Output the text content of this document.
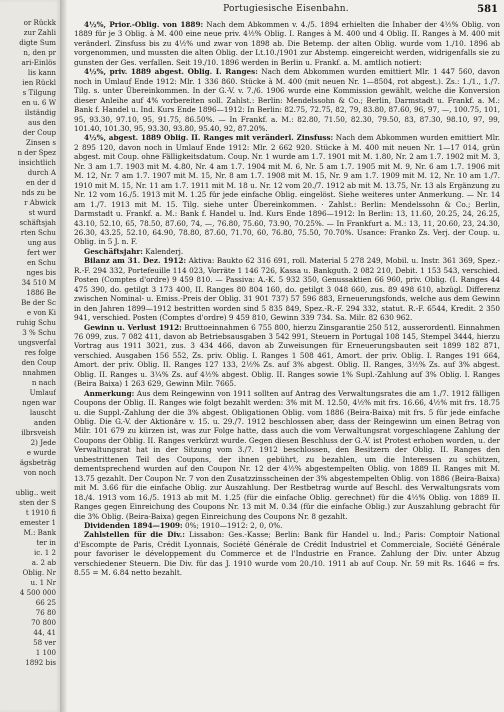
or Rückk
zur Zahli
digte Sum
n, den pr
ari-Einlös
lis kann
ien Rückl
s Tilgung
en u. 6 W
ilständig
aus den
der Coup
Zinsen s
n der Spez
insichtlich
durch A
en der d
nds zu be
r Abwick
st wurd
schäftsjah
rten Schu
ung aus
fert wer
en Schu
nges bis
34 510 M
1886 Be
Be der Sc
e von Ki
ruhig Schu
3 % Schu
ungsverfal
res folge
den Coup
nnahmen
n nach
Umlauf
ngen war
lauscht
anden
ilbrsveish
2) Jede
e wurde
ägsbeträg
von noch
ublig.. weit
sten der S
t 1910 fi
emester 1
M.: Bank
ter in
ic. 1 2
a. 2 ab
Oblig. Nr
u. 1 Nr
4 500 000
66 25
76 80
70 800
44, 41
58 ver
1 100
1892 bis
Portugiesische Eisenbahn.	581

4½%, Prior.-Oblig. von 1889: Nach dem Abkommen v. 4./5. 1894 erhielten die Inhaber der 4½% Oblig. von 1889 für je 3 Oblig. à M. 400 eine neue priv. 4½% Oblig. I. Ranges à M. 400 und 4 Oblig. II. Ranges à M. 400 mit veränderl. Zinsfuss bis zu 4½% und zwar von 1898 ab. Die Betemp. der alten Oblig. wurde vom 1./10. 1896 ab vorgenommen, und mussten die alten Oblig. der Lt.10./1901 zur Abstemp. eingereicht werden, widrigenfalls sie zu gunsten der Ges. verfallen. Seit 19./10. 1896 werden in Berlin u. Frankf. a. M. amtlich notiert:

4½%, priv. 1889 abgest. Oblig. I. Ranges: Nach dem Abkommen wurden emittiert Mlr. 1 447 560, davon noch in Umlauf Ende 1912: Mlr. 1 336 860. Stücke à M. 400 (mit neuen Nr. 1—8504, rot abgest.). Zs.: 1./1., 1./7. Tilg. s. unter Übereinkommen. In der G.-V. v. 7./6. 1906 wurde eine Kommission gewählt, welche die Konversion dieser Anleihe auf 4% vorbereiten soll. Zahlst.: Berlin: Mendelssohn & Co.; Berlin, Darmstadt u. Frankf. a. M.: Bank f. Handel u. Ind. Kurs Ende 1896—1912: In Berlin: 82.75, 72.75, 82, 79, 83.80, 87.60, 96, 97, —, 100.75, 101, 95, 93.30, 97.10, 95, 91.75, 86.50%. — In Frankf. a. M.: 82.80, 71.50, 82.30, 79.50, 83, 87.30, 98.10, 97, 99, 101.40, 101.30, 95, 93.30, 93.80, 95.40, 92, 87.20%.

4½%, abgest. 1889 Oblig. II. Ranges mit veränderl. Zinsfuss: Nach dem Abkommen wurden emittiert Mlr. 2 895 120, davon noch in Umlauf Ende 1912: Mlr. 2 662 920. Stücke à M. 400 mit neuen Nr. 1—17 014, grün abgest. mit Coup. ohne Fälligkeitsdatum. Coup. Nr. 1 wurde am 1.7. 1901 mit M. 1.80, Nr. 2 am 1.7. 1902 mit M. 3, Nr. 3 am 1.7. 1903 mit M. 4.80, Nr. 4 am 1.7. 1904 mit M. 6, Nr. 5 am 1.7. 1905 mit M. 9, Nr. 6 am 1.7. 1906 mit M. 12, Nr. 7 am 1.7. 1907 mit M. 15, Nr. 8 am 1.7. 1908 mit M. 15, Nr. 9 am 1.7. 1909 mit M. 12, Nr. 10 am 1./7. 1910 mit M. 15, Nr. 11 am 1.7. 1911 mit M. 18 u. Nr. 12 vom 20./7. 1912 ab mit M. 13.75, Nr. 13 als Ergänzung zu Nr. 12 vom 16./5. 1913 mit M. 1.25 für jede einfache Oblig. eingelöst. Siehe weiteres unter Anmerkung. — Nr. 14 am 1./7. 1913 mit M. 15. Tilg. siehe unter Übereinkommen. · Zahlst.: Berlin: Mendelssohn & Co.; Berlin, Darmstadt u. Frankf. a. M.: Bank f. Handel u. Ind. Kurs Ende 1896—1912: In Berlin: 13, 11.60, 20.25, 24, 26.25, 43.10, 52.10, 65, 78.50, 87.60, 74, —, 76.80, 75.60, 73.90, 70.25%. — In Frankfurt a. M.: 13, 11, 20.60, 23, 24.30, 26.30, 43.25, 52.10, 64.90, 78.80, 87.60, 71.70, 60, 76.80, 75.50, 70.70%. Usance: Franko Zs. Verj. der Coup. u. Oblig. in 5 J. n. F.

Geschäftsjahr: Kalenderj.

Bilanz am 31. Dez. 1912: Aktiva: Baukto 62 316 691, roll. Material 5 278 249, Mobil. u. Instr. 361 369, Spez.-R.-F. 294 332, Portefeuille 114 023, Vorräte 1 146 726, Kassa u. Bankguth. 2 082 210, Debit. 1 153 543, verschied. Posten (Comptes d'ordre) 9 459 810. — Passiva: A.-K. 5 932 350, Genussaktien 66 960, priv. Oblig. (I. Ranges 44 475 390, do. getilgt 3 173 400, II. Ranges 80 804 160, do. getilgt 3 048 660, zus. 89 498 610, abzügl. Differenz zwischen Nominal- u. Emiss.-Preis der Oblig. 31 901 737) 57 596 883, Erneuerungsfonds, welche aus dem Gewinn in den Jahren 1899—1912 bestritten worden sind 5 835 849, Spez.-R.-F. 294 332, statut. R.-F. 6544, Kredit. 2 350 941, verschied. Posten (Comptes d'ordre) 9 459 810, Gewinn 339 734. Sa. Milr. 82 630 962.

Gewinn u. Verlust 1912: Bruttoeinnahmen 6 755 800, hierzu Zinsgarantie 250 512, ausserordentl. Einnahmen 76 099, zus. 7 082 411, davon ab Betriebsausgaben 3 542 991, Steuern in Portugal 108 145, Stempel 3444, hierzu Vortrag aus 1911 3021, zus. 3 434 466, davon ab Zuweisungen für Erneuerungsbauten seit 1899 182 871, verschied. Ausgaben 156 552, Zs. priv. Oblig. I. Ranges 1 508 461, Amort. der priv. Oblig. I. Ranges 191 664, Amort. der priv. Oblig. II. Ranges 127 133, 2½% Zs. auf 3% abgest. Oblig. II. Ranges, 3½% Zs. auf 3% abgest. Oblig. II. Ranges u. 3¼% Zs. auf 4½% abgest. Oblig. II. Ranges sowie 1% Supl.-Zahlung auf 3% Oblig. I. Ranges (Beira Baixa) 1 263 629, Gewinn Milr. 7665.

Anmerkung: Aus dem Reingewinn von 1911 sollten auf Antrag des Verwaltungsrates die am 1./7. 1912 fälligen Coupons der Oblig. II. Ranges wie folgt bezahlt werden: 3% mit M. 12.50, 4½% mit frs. 16.66, 4½% mit frs. 18.75 u. die Suppl.-Zahlung der die 3% abgest. Obligationen Oblig. vom 1886 (Beira-Baixa) mit frs. 5 für jede einfache Oblig. Die G.-V. der Aktionäre v. 15. u. 29./7. 1912 beschlossen aber, dass der Reingewinn um einen Betrag von Milr. 101 679 zu kürzen ist, was zur Folge hatte, dass auch die vom Verwaltungsrat vorgeschlagene Zahlung der Coupons der Oblig. II. Ranges verkürzt wurde. Gegen diesen Beschluss der G.-V. ist Protest erhoben worden, u. der Verwaltungsrat hat in der Sitzung vom 3./7. 1912 beschlossen, den Besitzern der Oblig. II. Ranges den unbestrittenen Teil des Coupons, der ihnen gebührt, zu bezahlen, um die Interessen zu schützen, dementsprechend wurden auf den Coupon Nr. 12 der 4½% abgestempelten Oblig. von 1889 II. Ranges mit M. 13.75 gezahlt. Der Coupon Nr. 7 von den Zusatzzinsscheinen der 3% abgestempelten Oblig. von 1886 (Beira-Baixa) mit M. 3.66 für die einfache Oblig. zur Auszahlung. Der Restbetrag wurde auf Beschl. des Verwaltungsrats vom 18./4. 1913 vom 16./5. 1913 ab mit M. 1.25 (für die einfache Oblig. gerechnet) für die 4½% Oblig. von 1889 II. Ranges gegen Einreichung des Coupons Nr. 13 mit M. 0.34 (für die einfache Oblig.) zur Auszahlung gebracht für die 3% Oblig. (Beira-Baixa) gegen Einreichung des Coupons Nr. 8 gezahlt.

Dividenden 1894—1909: 0%; 1910—1912: 2, 0, 0%.

Zahlstellen für die Div.: Lissabon: Ges.-Kasse; Berlin: Bank für Handel u. Ind.; Paris: Comptoir National d'Escompte de Paris, Crédit Lyonnais, Société Générale de Crédit Industriel et Commerciale, Société Générale pour favoriser le développement du Commerce et de l'Industrie en France. Zahlung der Div. unter Abzug verschiedener Steuern. Die Div. für das J. 1910 wurde vom 20./10. 1911 ab auf Coup. Nr. 59 mit Rs. 1646 = frs. 8.55 = M. 6.84 netto bezahlt.
